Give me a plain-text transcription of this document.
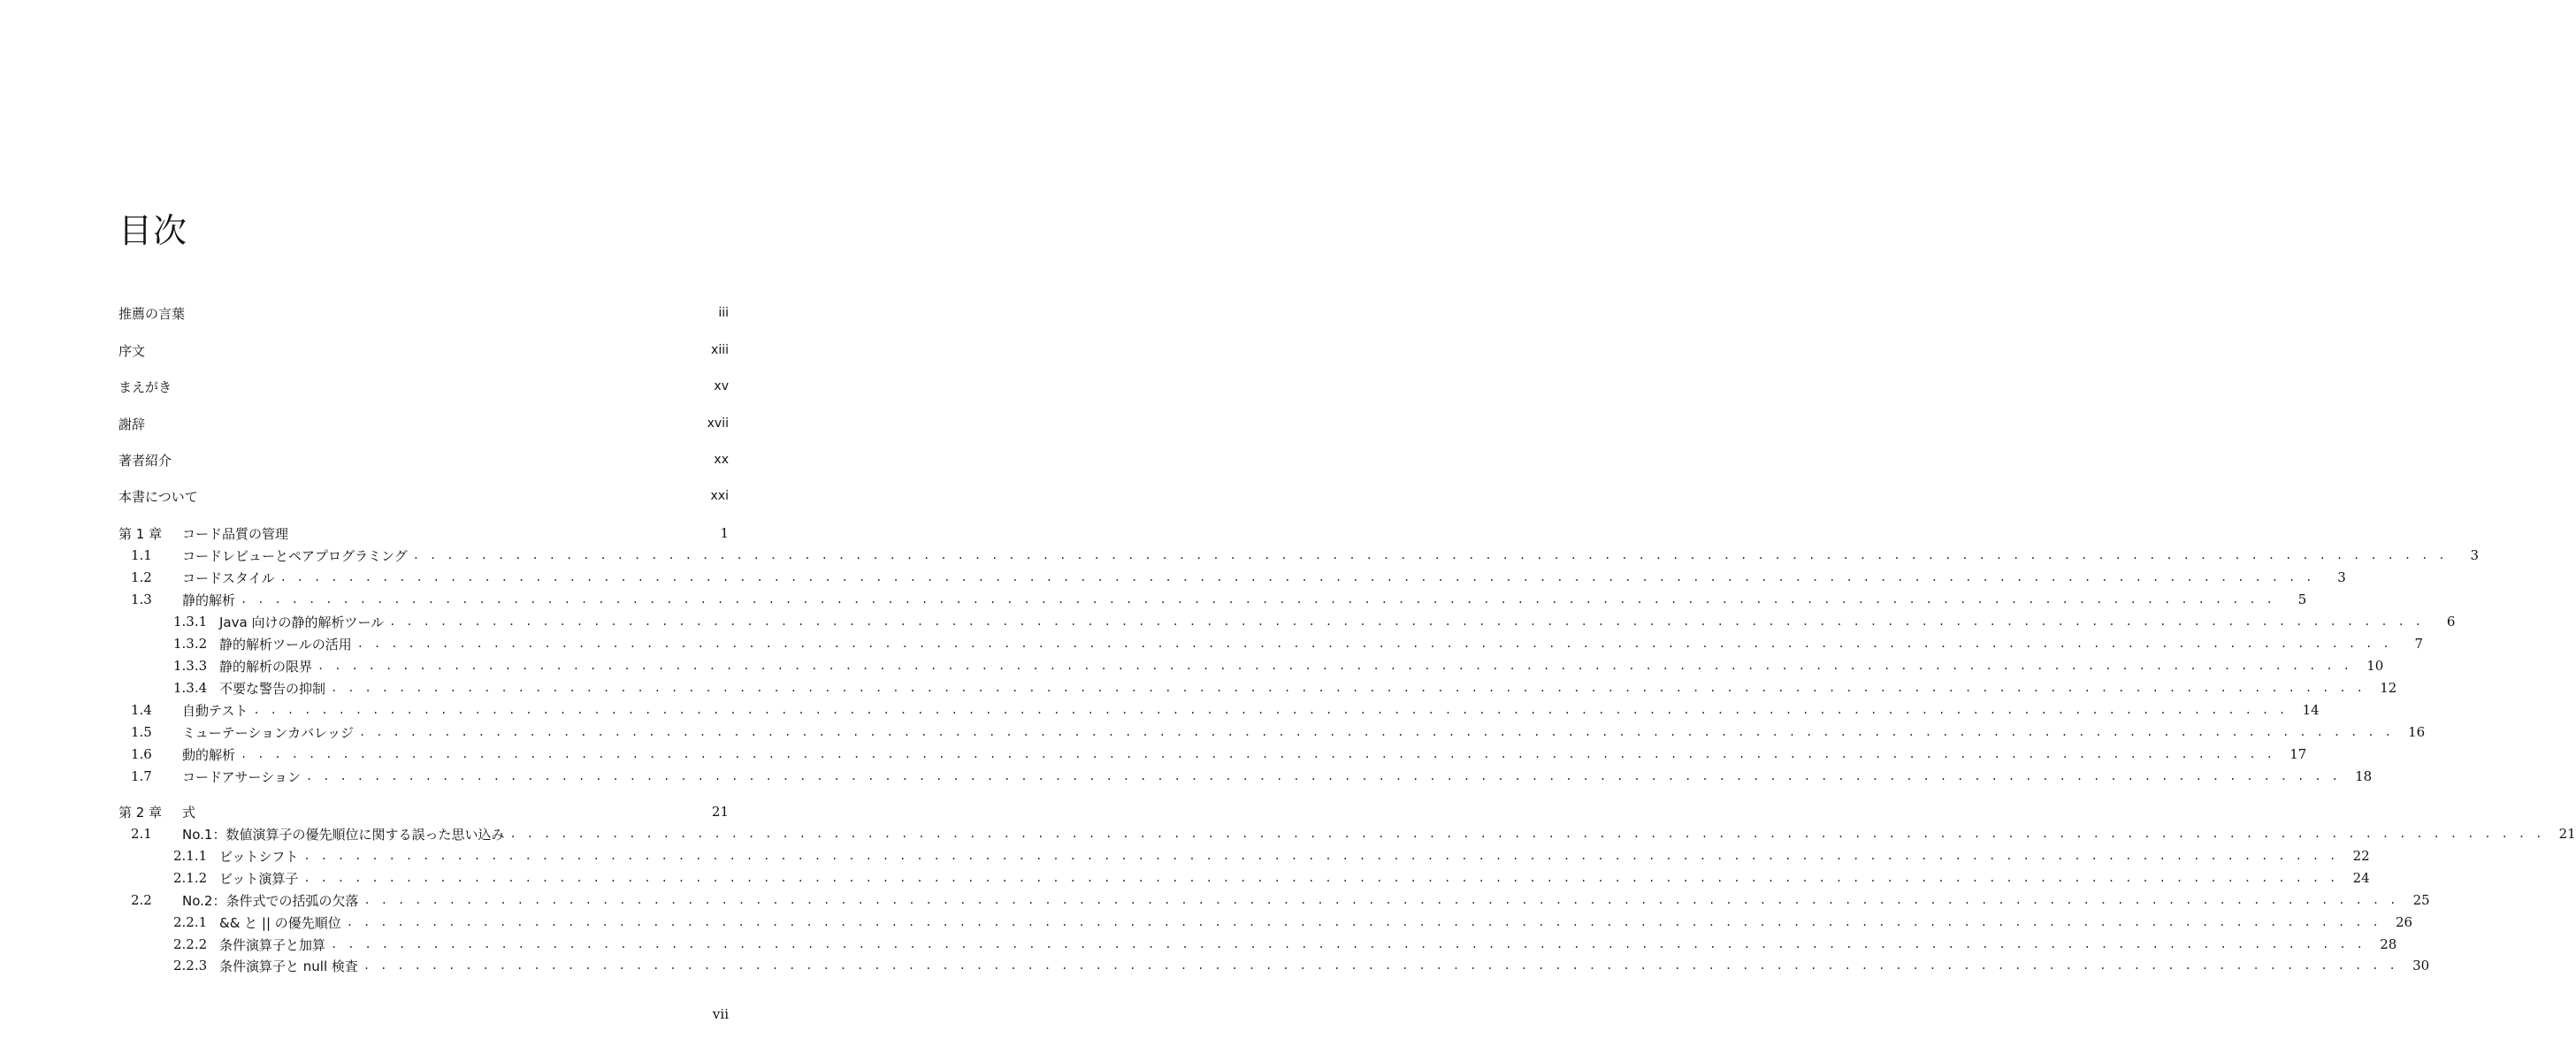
目次
推薦の言葉	iii
序文	xiii
まえがき	xv
謝辞	xvii
著者紹介	xx
本書について	xxi
第 1 章	コード品質の管理	1
1.1	コードレビューとペアプログラミング . . . . . . . . . . . . . . . . . . . . . . . . . . . . . . . . . . . . . . . . . . . . . . . . . . . . . . . . . . . . . . . . . . . . . . . . . . . . . . . . . . . . . . . . . . . . . . . . . . . . . . . . . . . . . . . . . . . . . . . .	3
1.2	コードスタイル . . . . . . . . . . . . . . . . . . . . . . . . . . . . . . . . . . . . . . . . . . . . . . . . . . . . . . . . . . . . . . . . . . . . . . . . . . . . . . . . . . . . . . . . . . . . . . . . . . . . . . . . . . . . . . . . . . . . . . . .	3
1.3	静的解析 . . . . . . . . . . . . . . . . . . . . . . . . . . . . . . . . . . . . . . . . . . . . . . . . . . . . . . . . . . . . . . . . . . . . . . . . . . . . . . . . . . . . . . . . . . . . . . . . . . . . . . . . . . . . . . . . . . . . . . . .	5
1.3.1 Java 向けの静的解析ツール . . . . . . . . . . . . . . . . . . . . . . . . . . . . . . . . . . . . . . . . . . . . . . . . . . . . . . . . . . . . . . . . . . . . . . . . . . . . . . . . . . . . . . . . . . . . . . . . . . . . . . . . . . . . . . . . . . . . . . . .	6
1.3.2 静的解析ツールの活用 . . . . . . . . . . . . . . . . . . . . . . . . . . . . . . . . . . . . . . . . . . . . . . . . . . . . . . . . . . . . . . . . . . . . . . . . . . . . . . . . . . . . . . . . . . . . . . . . . . . . . . . . . . . . . . . . . . . . . . . .	7
1.3.3 静的解析の限界 . . . . . . . . . . . . . . . . . . . . . . . . . . . . . . . . . . . . . . . . . . . . . . . . . . . . . . . . . . . . . . . . . . . . . . . . . . . . . . . . . . . . . . . . . . . . . . . . . . . . . . . . . . . . . . . . . . . . . . . .	10
1.3.4 不要な警告の抑制 . . . . . . . . . . . . . . . . . . . . . . . . . . . . . . . . . . . . . . . . . . . . . . . . . . . . . . . . . . . . . . . . . . . . . . . . . . . . . . . . . . . . . . . . . . . . . . . . . . . . . . . . . . . . . . . . . . . . . . . .	12
1.4	自動テスト . . . . . . . . . . . . . . . . . . . . . . . . . . . . . . . . . . . . . . . . . . . . . . . . . . . . . . . . . . . . . . . . . . . . . . . . . . . . . . . . . . . . . . . . . . . . . . . . . . . . . . . . . . . . . . . . . . . . . . . .	14
1.5	ミューテーションカバレッジ . . . . . . . . . . . . . . . . . . . . . . . . . . . . . . . . . . . . . . . . . . . . . . . . . . . . . . . . . . . . . . . . . . . . . . . . . . . . . . . . . . . . . . . . . . . . . . . . . . . . . . . . . . . . . . . . . . . . . . . .	16
1.6	動的解析 . . . . . . . . . . . . . . . . . . . . . . . . . . . . . . . . . . . . . . . . . . . . . . . . . . . . . . . . . . . . . . . . . . . . . . . . . . . . . . . . . . . . . . . . . . . . . . . . . . . . . . . . . . . . . . . . . . . . . . . .	17
1.7	コードアサーション . . . . . . . . . . . . . . . . . . . . . . . . . . . . . . . . . . . . . . . . . . . . . . . . . . . . . . . . . . . . . . . . . . . . . . . . . . . . . . . . . . . . . . . . . . . . . . . . . . . . . . . . . . . . . . . . . . . . . . . .	18
第 2 章	式	21
2.1	No.1：数値演算子の優先順位に関する誤った思い込み . . . . . . . . . . . . . . . . . . . . . . . . . . . . . . . . . . . . . . . . . . . . . . . . . . . . . . . . . . . . . . . . . . . . . . . . . . . . . . . . . . . . . . . . . . . . . . . . . . . . . . . . . . . . . . . . . . . . . . . .	21
2.1.1 ビットシフト . . . . . . . . . . . . . . . . . . . . . . . . . . . . . . . . . . . . . . . . . . . . . . . . . . . . . . . . . . . . . . . . . . . . . . . . . . . . . . . . . . . . . . . . . . . . . . . . . . . . . . . . . . . . . . . . . . . . . . . .	22
2.1.2 ビット演算子 . . . . . . . . . . . . . . . . . . . . . . . . . . . . . . . . . . . . . . . . . . . . . . . . . . . . . . . . . . . . . . . . . . . . . . . . . . . . . . . . . . . . . . . . . . . . . . . . . . . . . . . . . . . . . . . . . . . . . . . .	24
2.2	No.2：条件式での括弧の欠落 . . . . . . . . . . . . . . . . . . . . . . . . . . . . . . . . . . . . . . . . . . . . . . . . . . . . . . . . . . . . . . . . . . . . . . . . . . . . . . . . . . . . . . . . . . . . . . . . . . . . . . . . . . . . . . . . . . . . . . . .	25
2.2.1 && と || の優先順位 . . . . . . . . . . . . . . . . . . . . . . . . . . . . . . . . . . . . . . . . . . . . . . . . . . . . . . . . . . . . . . . . . . . . . . . . . . . . . . . . . . . . . . . . . . . . . . . . . . . . . . . . . . . . . . . . . . . . . . . .	26
2.2.2 条件演算子と加算 . . . . . . . . . . . . . . . . . . . . . . . . . . . . . . . . . . . . . . . . . . . . . . . . . . . . . . . . . . . . . . . . . . . . . . . . . . . . . . . . . . . . . . . . . . . . . . . . . . . . . . . . . . . . . . . . . . . . . . . .	28
2.2.3 条件演算子と null 検査 . . . . . . . . . . . . . . . . . . . . . . . . . . . . . . . . . . . . . . . . . . . . . . . . . . . . . . . . . . . . . . . . . . . . . . . . . . . . . . . . . . . . . . . . . . . . . . . . . . . . . . . . . . . . . . . . . . . . . . . .	30
vii
